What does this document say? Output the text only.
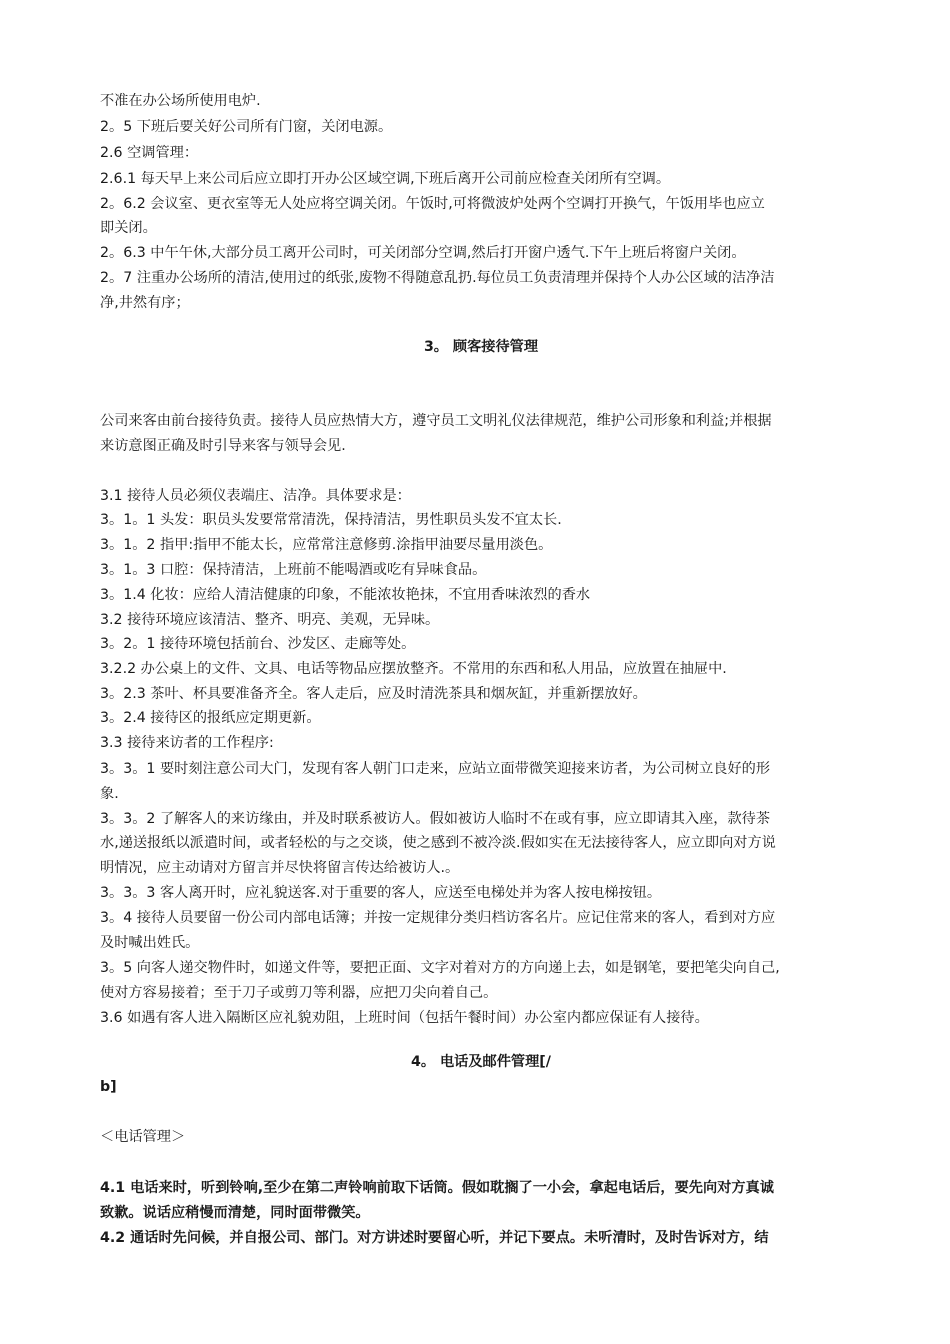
不准在办公场所使用电炉.
2。5 下班后要关好公司所有门窗，关闭电源。
2.6 空调管理：
2.6.1 每天早上来公司后应立即打开办公区域空调,下班后离开公司前应检查关闭所有空调。
2。6.2 会议室、更衣室等无人处应将空调关闭。午饭时,可将微波炉处两个空调打开换气，午饭用毕也应立
即关闭。
2。6.3 中午午休,大部分员工离开公司时，可关闭部分空调,然后打开窗户透气.下午上班后将窗户关闭。
2。7 注重办公场所的清洁,使用过的纸张,废物不得随意乱扔.每位员工负责清理并保持个人办公区域的洁净洁
净,井然有序；
3。 顾客接待管理
公司来客由前台接待负责。接待人员应热情大方，遵守员工文明礼仪法律规范，维护公司形象和利益;并根据
来访意图正确及时引导来客与领导会见.
3.1 接待人员必须仪表端庄、洁净。具体要求是：
3。1。1 头发：职员头发要常常清洗，保持清洁，男性职员头发不宜太长.
3。1。2 指甲:指甲不能太长，应常常注意修剪.涂指甲油要尽量用淡色。
3。1。3 口腔：保持清洁，上班前不能喝酒或吃有异味食品。
3。1.4 化妆：应给人清洁健康的印象，不能浓妆艳抹，不宜用香味浓烈的香水
3.2 接待环境应该清洁、整齐、明亮、美观，无异味。
3。2。1 接待环境包括前台、沙发区、走廊等处。
3.2.2 办公桌上的文件、文具、电话等物品应摆放整齐。不常用的东西和私人用品，应放置在抽屉中.
3。2.3 茶叶、杯具要准备齐全。客人走后，应及时清洗茶具和烟灰缸，并重新摆放好。
3。2.4 接待区的报纸应定期更新。
3.3 接待来访者的工作程序:
3。3。1 要时刻注意公司大门，发现有客人朝门口走来，应站立面带微笑迎接来访者，为公司树立良好的形
象.
3。3。2 了解客人的来访缘由，并及时联系被访人。假如被访人临时不在或有事，应立即请其入座，款待茶
水,递送报纸以派遣时间，或者轻松的与之交谈，使之感到不被冷淡.假如实在无法接待客人，应立即向对方说
明情况，应主动请对方留言并尽快将留言传达给被访人.。
3。3。3 客人离开时，应礼貌送客.对于重要的客人，应送至电梯处并为客人按电梯按钮。
3。4 接待人员要留一份公司内部电话簿；并按一定规律分类归档访客名片。应记住常来的客人，看到对方应
及时喊出姓氏。
3。5 向客人递交物件时，如递文件等，要把正面、文字对着对方的方向递上去，如是钢笔，要把笔尖向自己,
使对方容易接着；至于刀子或剪刀等利器，应把刀尖向着自己。
3.6 如遇有客人进入隔断区应礼貌劝阻，上班时间（包括午餐时间）办公室内都应保证有人接待。
4。 电话及邮件管理[/
b]
＜电话管理＞
4.1 电话来时，听到铃响,至少在第二声铃响前取下话筒。假如耽搁了一小会，拿起电话后，要先向对方真诚
致歉。说话应稍慢而清楚，同时面带微笑。
4.2 通话时先问候，并自报公司、部门。对方讲述时要留心听，并记下要点。未听清时，及时告诉对方，结
